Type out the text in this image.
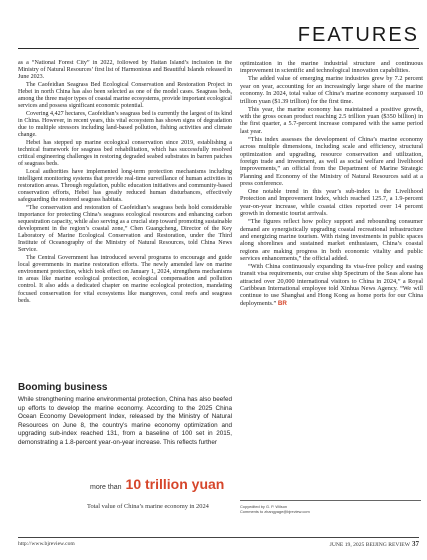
FEATURES

as a “National Forest City” in 2022, followed by Haitan Island’s inclusion in the Ministry of Natural Resources’ first list of Harmonious and Beautiful Islands released in June 2023.

The Caofeidian Seagrass Bed Ecological Conservation and Restoration Project in Hebei in north China has also been selected as one of the model cases. Seagrass beds, among the three major types of coastal marine ecosystems, provide important ecological services and possess significant economic potential.

Covering 4,427 hectares, Caofeidian’s seagrass bed is currently the largest of its kind in China. However, in recent years, this vital ecosystem has shown signs of degradation due to multiple stressors including land-based pollution, fishing activities and climate change.

Hebei has stepped up marine ecological conservation since 2019, establishing a technical framework for seagrass bed rehabilitation, which has successfully resolved critical engineering challenges in restoring degraded seabed substrates in barren patches of seagrass beds.

Local authorities have implemented long-term protection mechanisms including intelligent monitoring systems that provide real-time surveillance of human activities in restoration areas. Through regulation, public education initiatives and community-based conservation efforts, Hebei has greatly reduced human disturbances, effectively safeguarding the restored seagrass habitats.

“The conservation and restoration of Caofeidian’s seagrass beds hold considerable importance for protecting China’s seagrass ecological resources and enhancing carbon sequestration capacity, while also serving as a crucial step toward promoting sustainable development in the region’s coastal zone,” Chen Guangcheng, Director of the Key Laboratory of Marine Ecological Conservation and Restoration, under the Third Institute of Oceanography of the Ministry of Natural Resources, told China News Service.

The Central Government has introduced several programs to encourage and guide local governments in marine restoration efforts. The newly amended law on marine environment protection, which took effect on January 1, 2024, strengthens mechanisms in areas like marine ecological protection, ecological compensation and pollution control. It also adds a dedicated chapter on marine ecological protection, mandating focused conservation for vital ecosystems like mangroves, coral reefs and seagrass beds.

Booming business

While strengthening marine environmental protection, China has also beefed up efforts to develop the marine economy. According to the 2025 China Ocean Economy Development Index, released by the Ministry of Natural Resources on June 8, the country’s marine economy optimization and upgrading sub-index reached 131, from a baseline of 100 set in 2015, demonstrating a 1.8-percent year-on-year increase. This reflects further

more than 10 trillion yuan
Total value of China’s marine economy in 2024

optimization in the marine industrial structure and continuous improvement in scientific and technological innovation capabilities.

The added value of emerging marine industries grew by 7.2 percent year on year, accounting for an increasingly large share of the marine economy. In 2024, total value of China’s marine economy surpassed 10 trillion yuan ($1.39 trillion) for the first time.

This year, the marine economy has maintained a positive growth, with the gross ocean product reaching 2.5 trillion yuan ($350 billion) in the first quarter, a 5.7-percent increase compared with the same period last year.

“This index assesses the development of China’s marine economy across multiple dimensions, including scale and efficiency, structural optimization and upgrading, resource conservation and utilization, foreign trade and investment, as well as social welfare and livelihood improvements,” an official from the Department of Marine Strategic Planning and Economy of the Ministry of Natural Resources said at a press conference.

One notable trend in this year’s sub-index is the Livelihood Protection and Improvement Index, which reached 125.7, a 1.9-percent year-on-year increase, while coastal cities reported over 14 percent growth in domestic tourist arrivals.

“The figures reflect how policy support and rebounding consumer demand are synergistically upgrading coastal recreational infrastructure and energizing marine tourism. With rising investments in public spaces along shorelines and sustained market enthusiasm, China’s coastal regions are making progress in both economic vitality and public services enhancements,” the official added.

“With China continuously expanding its visa-free policy and easing transit visa requirements, our cruise ship Spectrum of the Seas alone has attracted over 20,000 international visitors to China in 2024,” a Royal Caribbean International employee told Xinhua News Agency. “We will continue to use Shanghai and Hong Kong as home ports for our China deployments.” BR

Copyedited by G. P. Wilson
Comments to zhangyage@bjreview.com
http://www.bjreview.com	JUNE 19, 2025 BEIJING REVIEW 37
